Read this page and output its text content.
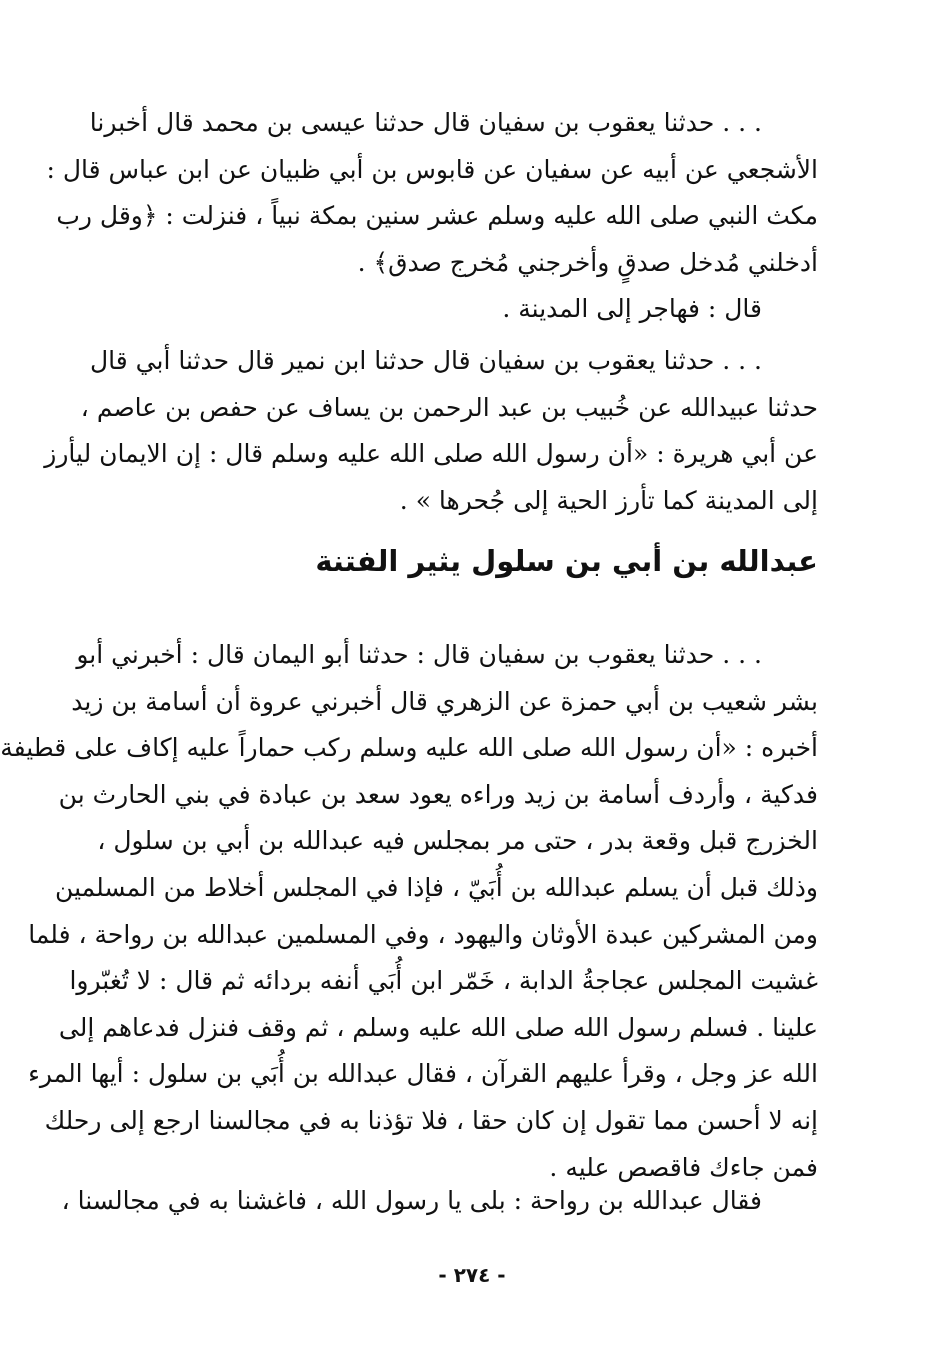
. . . حدثنا يعقوب بن سفيان قال حدثنا عيسى بن محمد قال أخبرنا
الأشجعي عن أبيه عن سفيان عن قابوس بن أبي ظبيان عن ابن عباس قال :
مكث النبي صلى الله عليه وسلم عشر سنين بمكة نبياً ، فنزلت : ﴿وقل رب
أدخلني مُدخل صدقٍ وأخرجني مُخرج صدق﴾ .
قال : فهاجر إلى المدينة .
. . . حدثنا يعقوب بن سفيان قال حدثنا ابن نمير قال حدثنا أبي قال
حدثنا عبيدالله عن خُبيب بن عبد الرحمن بن يساف عن حفص بن عاصم ،
عن أبي هريرة : «أن رسول الله صلى الله عليه وسلم قال : إن الايمان ليأرز
إلى المدينة كما تأرز الحية إلى جُحرها » .
عبدالله بن أبي بن سلول يثير الفتنة
. . . حدثنا يعقوب بن سفيان قال : حدثنا أبو اليمان قال : أخبرني أبو
بشر شعيب بن أبي حمزة عن الزهري قال أخبرني عروة أن أسامة بن زيد
أخبره : «أن رسول الله صلى الله عليه وسلم ركب حماراً عليه إكاف على قطيفة
فدكية ، وأردف أسامة بن زيد وراءه يعود سعد بن عبادة في بني الحارث بن
الخزرج قبل وقعة بدر ، حتى مر بمجلس فيه عبدالله بن أبي بن سلول ،
وذلك قبل أن يسلم عبدالله بن أُبَيّ ، فإذا في المجلس أخلاط من المسلمين
ومن المشركين عبدة الأوثان واليهود ، وفي المسلمين عبدالله بن رواحة ، فلما
غشيت المجلس عجاجةُ الدابة ، خَمّر ابن أُبَي أنفه بردائه ثم قال : لا تُغبّروا
علينا . فسلم رسول الله صلى الله عليه وسلم ، ثم وقف فنزل فدعاهم إلى
الله عز وجل ، وقرأ عليهم القرآن ، فقال عبدالله بن أُبَي بن سلول : أيها المرء
إنه لا أحسن مما تقول إن كان حقا ، فلا تؤذنا به في مجالسنا ارجع إلى رحلك
فمن جاءك فاقصص عليه .
فقال عبدالله بن رواحة : بلى يا رسول الله ، فاغشنا به في مجالسنا ،
- ٢٧٤ -
